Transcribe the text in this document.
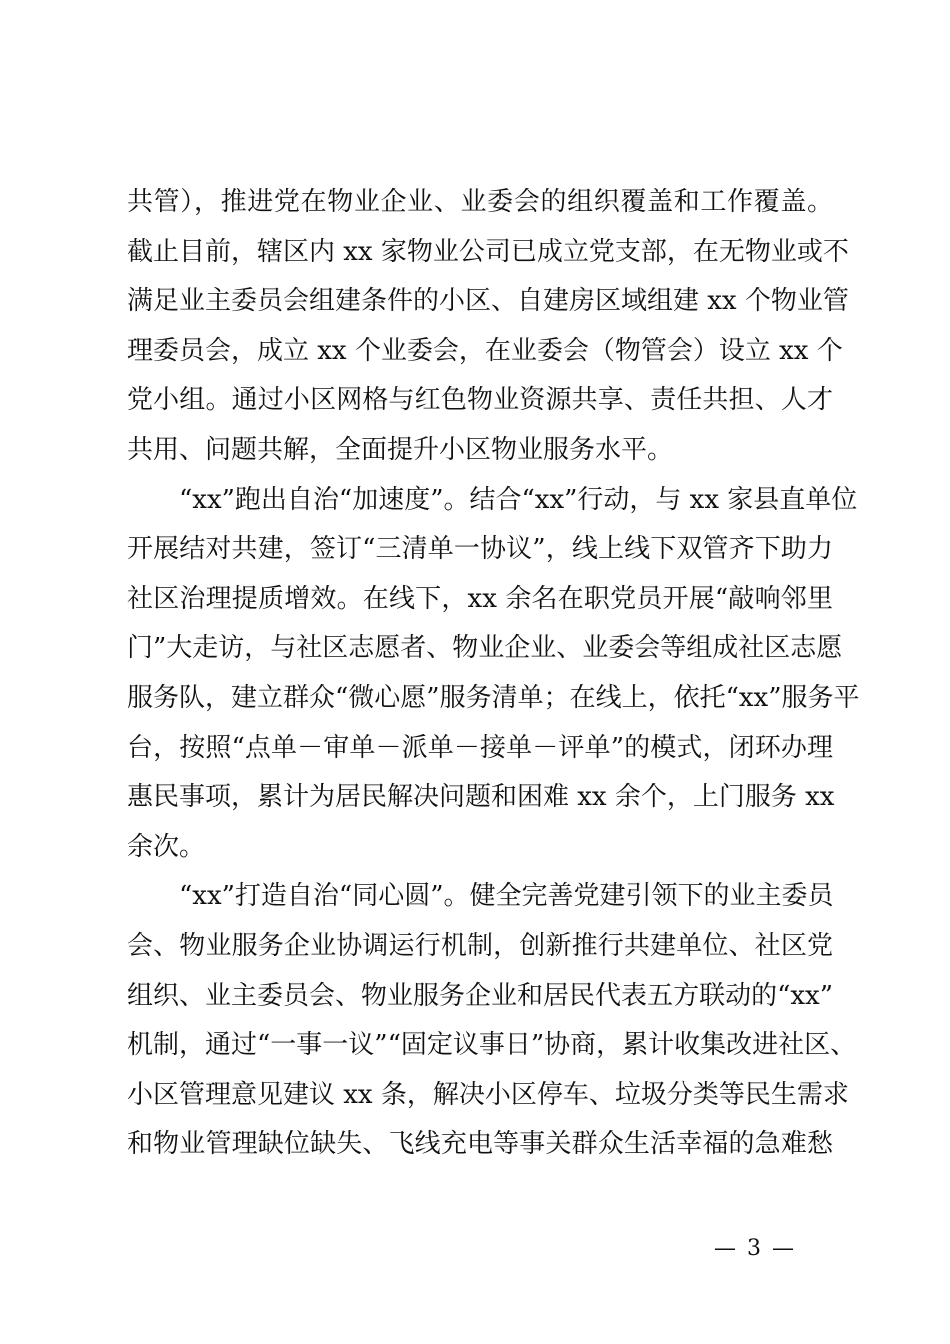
共管），推进党在物业企业、业委会的组织覆盖和工作覆盖。
截止目前，辖区内 xx 家物业公司已成立党支部，在无物业或不
满足业主委员会组建条件的小区、自建房区域组建 xx 个物业管
理委员会，成立 xx 个业委会，在业委会（物管会）设立 xx 个
党小组。通过小区网格与红色物业资源共享、责任共担、人才
共用、问题共解，全面提升小区物业服务水平。
“xx”跑出自治“加速度”。结合“xx”行动，与 xx 家县直单位
开展结对共建，签订“三清单一协议”，线上线下双管齐下助力
社区治理提质增效。在线下，xx 余名在职党员开展“敲响邻里
门”大走访，与社区志愿者、物业企业、业委会等组成社区志愿
服务队，建立群众“微心愿”服务清单；在线上，依托“xx”服务平
台，按照“点单－审单－派单－接单－评单”的模式，闭环办理
惠民事项，累计为居民解决问题和困难 xx 余个，上门服务 xx
余次。
“xx”打造自治“同心圆”。健全完善党建引领下的业主委员
会、物业服务企业协调运行机制，创新推行共建单位、社区党
组织、业主委员会、物业服务企业和居民代表五方联动的“xx”
机制，通过“一事一议”“固定议事日”协商，累计收集改进社区、
小区管理意见建议 xx 条，解决小区停车、垃圾分类等民生需求
和物业管理缺位缺失、飞线充电等事关群众生活幸福的急难愁
— 3 —
